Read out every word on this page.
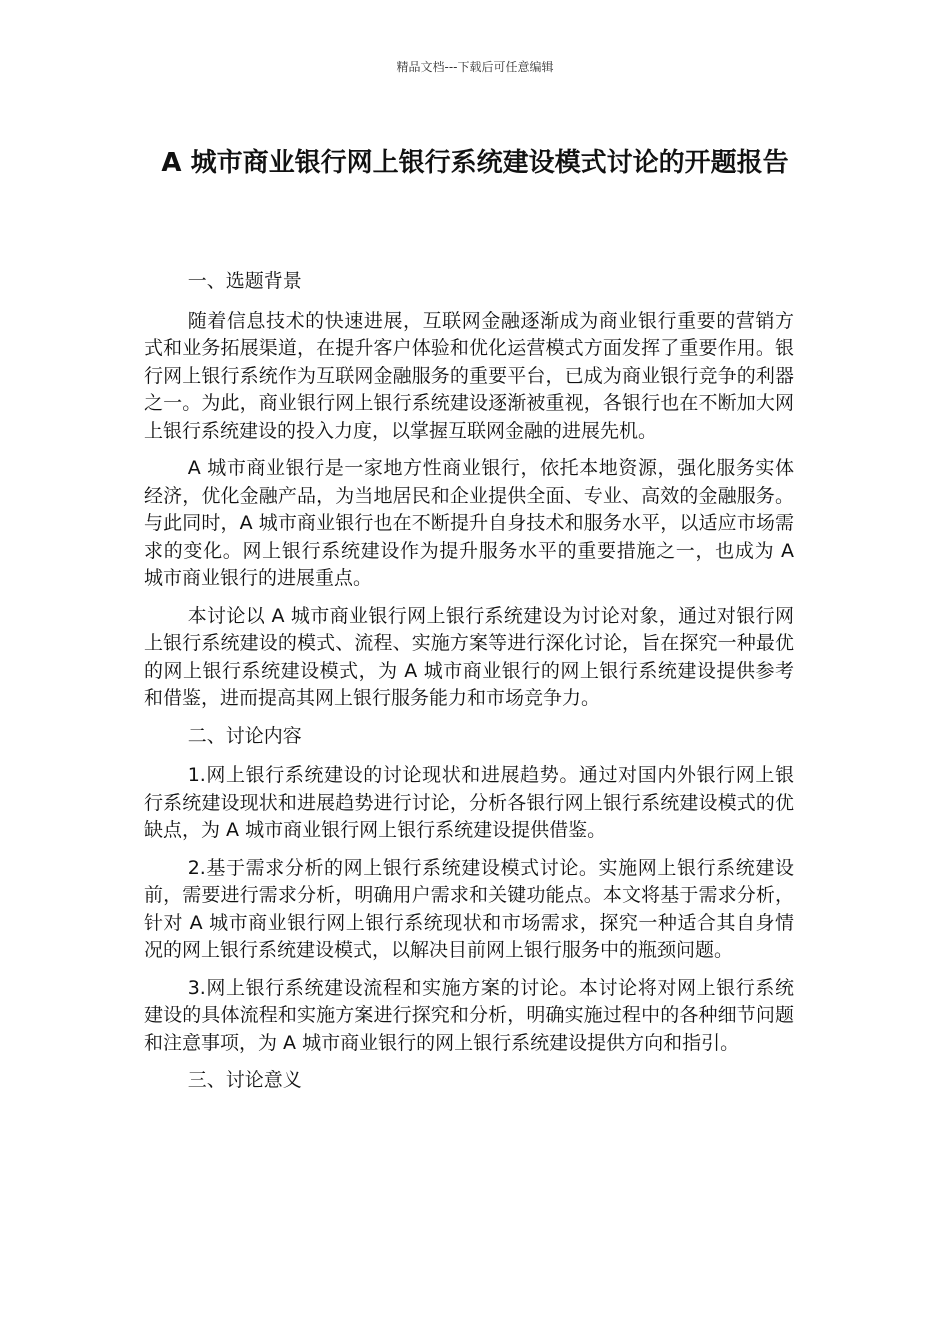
精品文档---下载后可任意编辑
A 城市商业银行网上银行系统建设模式讨论的开题报告

一、选题背景

随着信息技术的快速进展，互联网金融逐渐成为商业银行重要的营销方式和业务拓展渠道，在提升客户体验和优化运营模式方面发挥了重要作用。银行网上银行系统作为互联网金融服务的重要平台，已成为商业银行竞争的利器之一。为此，商业银行网上银行系统建设逐渐被重视，各银行也在不断加大网上银行系统建设的投入力度，以掌握互联网金融的进展先机。

A 城市商业银行是一家地方性商业银行，依托本地资源，强化服务实体经济，优化金融产品，为当地居民和企业提供全面、专业、高效的金融服务。与此同时，A 城市商业银行也在不断提升自身技术和服务水平，以适应市场需求的变化。网上银行系统建设作为提升服务水平的重要措施之一，也成为 A 城市商业银行的进展重点。

本讨论以 A 城市商业银行网上银行系统建设为讨论对象，通过对银行网上银行系统建设的模式、流程、实施方案等进行深化讨论，旨在探究一种最优的网上银行系统建设模式，为 A 城市商业银行的网上银行系统建设提供参考和借鉴，进而提高其网上银行服务能力和市场竞争力。

二、讨论内容

1.网上银行系统建设的讨论现状和进展趋势。通过对国内外银行网上银行系统建设现状和进展趋势进行讨论，分析各银行网上银行系统建设模式的优缺点，为 A 城市商业银行网上银行系统建设提供借鉴。

2.基于需求分析的网上银行系统建设模式讨论。实施网上银行系统建设前，需要进行需求分析，明确用户需求和关键功能点。本文将基于需求分析，针对 A 城市商业银行网上银行系统现状和市场需求，探究一种适合其自身情况的网上银行系统建设模式，以解决目前网上银行服务中的瓶颈问题。

3.网上银行系统建设流程和实施方案的讨论。本讨论将对网上银行系统建设的具体流程和实施方案进行探究和分析，明确实施过程中的各种细节问题和注意事项，为 A 城市商业银行的网上银行系统建设提供方向和指引。

三、讨论意义
